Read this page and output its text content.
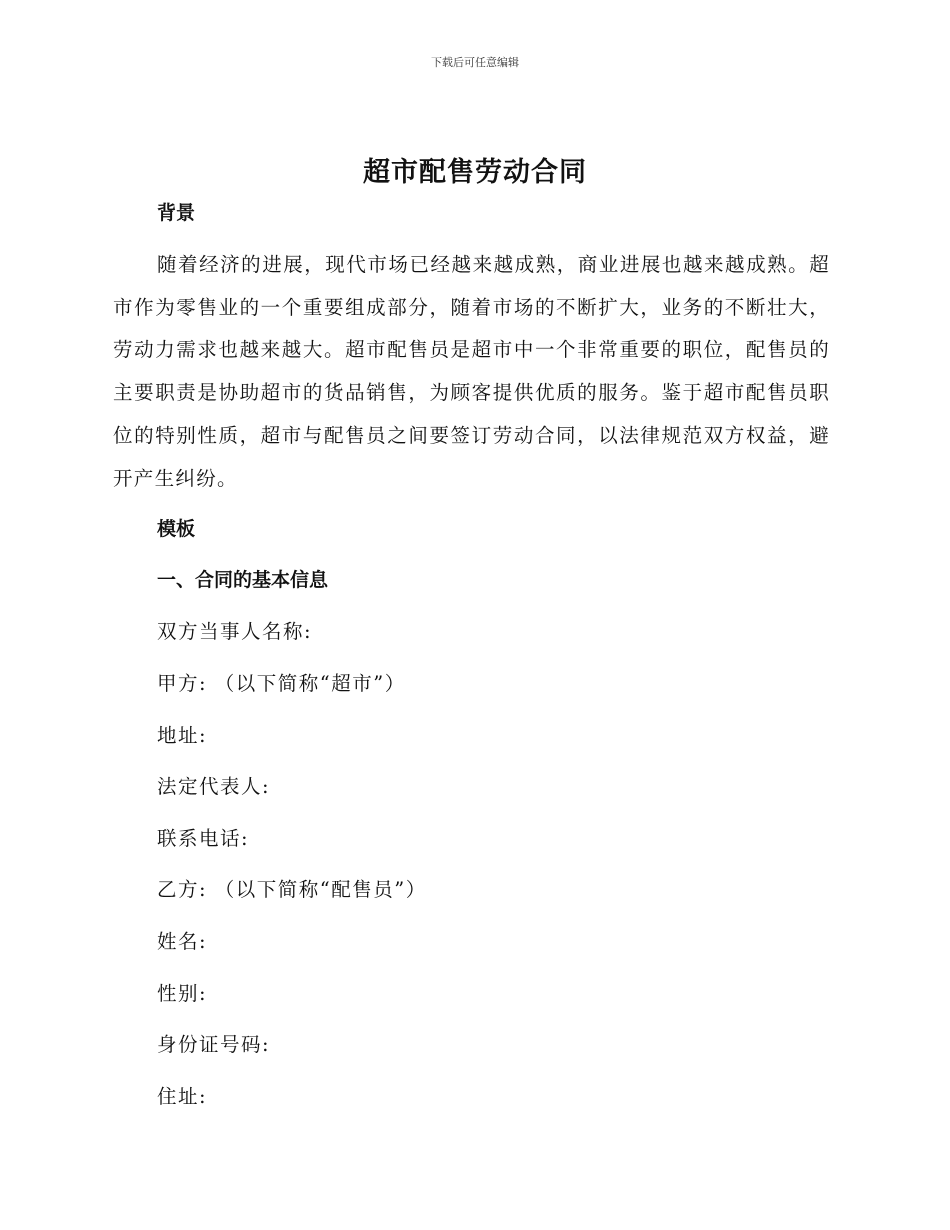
下载后可任意编辑
超市配售劳动合同
背景
随着经济的进展，现代市场已经越来越成熟，商业进展也越来越成熟。超市作为零售业的一个重要组成部分，随着市场的不断扩大，业务的不断壮大，劳动力需求也越来越大。超市配售员是超市中一个非常重要的职位，配售员的主要职责是协助超市的货品销售，为顾客提供优质的服务。鉴于超市配售员职位的特别性质，超市与配售员之间要签订劳动合同，以法律规范双方权益，避开产生纠纷。
模板
一、合同的基本信息
双方当事人名称:
甲方: （以下简称“超市”）
地址:
法定代表人:
联系电话:
乙方: （以下简称“配售员”）
姓名:
性别:
身份证号码:
住址:
